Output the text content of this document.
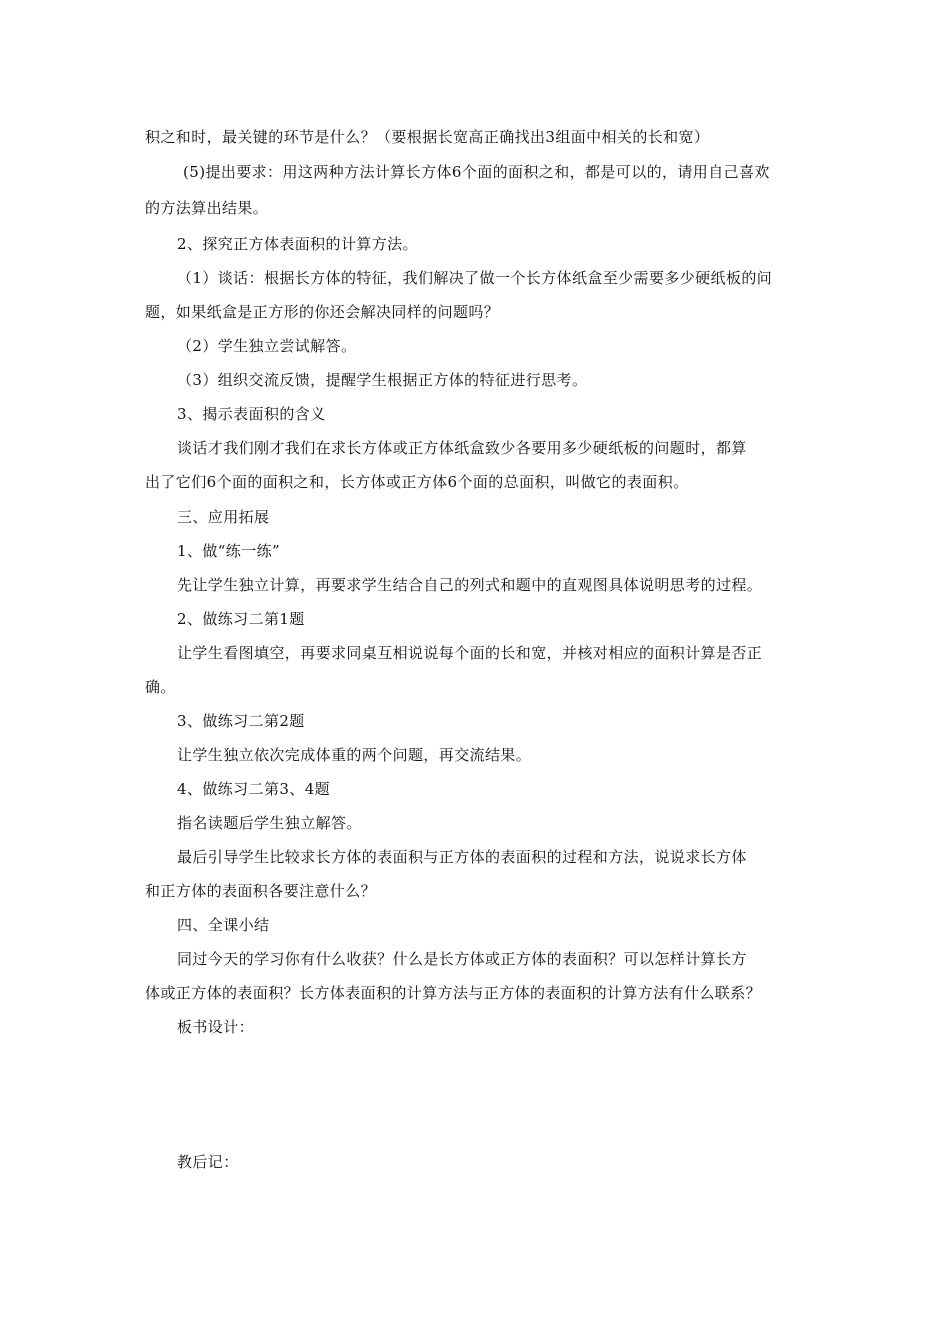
积之和时，最关键的环节是什么？（要根据长宽高正确找出3组面中相关的长和宽）
(5)提出要求：用这两种方法计算长方体6个面的面积之和，都是可以的，请用自己喜欢
的方法算出结果。
2、探究正方体表面积的计算方法。
（1）谈话：根据长方体的特征，我们解决了做一个长方体纸盒至少需要多少硬纸板的问
题，如果纸盒是正方形的你还会解决同样的问题吗？
（2）学生独立尝试解答。
（3）组织交流反馈，提醒学生根据正方体的特征进行思考。
3、揭示表面积的含义
谈话才我们刚才我们在求长方体或正方体纸盒致少各要用多少硬纸板的问题时，都算
出了它们6个面的面积之和，长方体或正方体6个面的总面积，叫做它的表面积。
三、应用拓展
1、做“练一练”
先让学生独立计算，再要求学生结合自己的列式和题中的直观图具体说明思考的过程。
2、做练习二第1题
让学生看图填空，再要求同桌互相说说每个面的长和宽，并核对相应的面积计算是否正
确。
3、做练习二第2题
让学生独立依次完成体重的两个问题，再交流结果。
4、做练习二第3、4题
指名读题后学生独立解答。
最后引导学生比较求长方体的表面积与正方体的表面积的过程和方法，说说求长方体
和正方体的表面积各要注意什么？
四、全课小结
同过今天的学习你有什么收获？什么是长方体或正方体的表面积？可以怎样计算长方
体或正方体的表面积？长方体表面积的计算方法与正方体的表面积的计算方法有什么联系？
板书设计：
教后记：
